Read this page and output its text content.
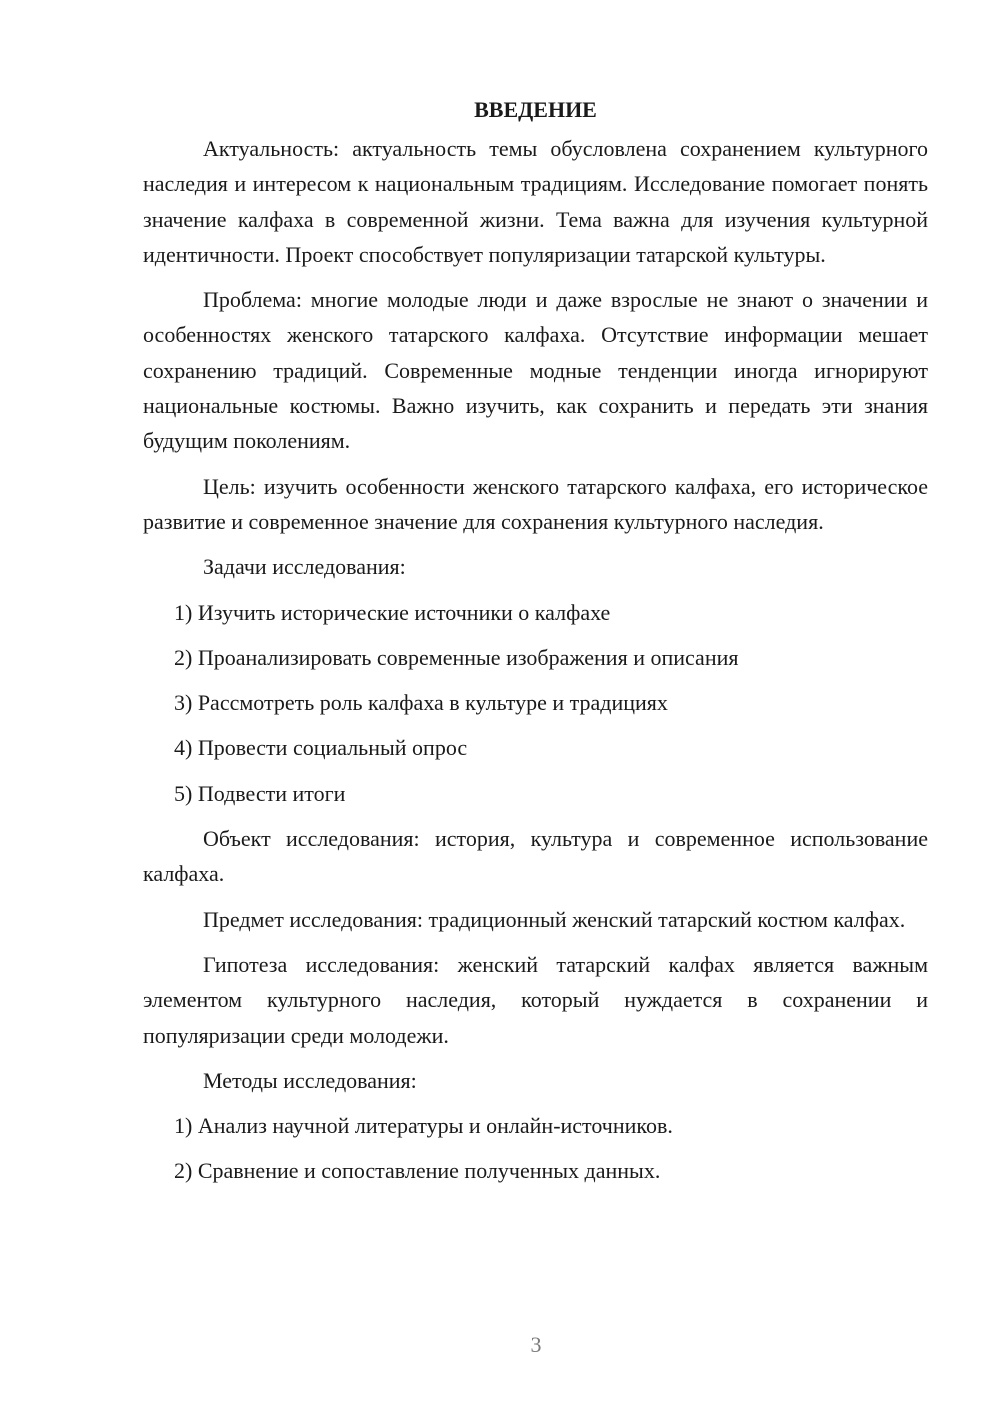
ВВЕДЕНИЕ

Актуальность: актуальность темы обусловлена сохранением культурного наследия и интересом к национальным традициям. Исследование помогает понять значение калфаха в современной жизни. Тема важна для изучения культурной идентичности. Проект способствует популяризации татарской культуры.

Проблема: многие молодые люди и даже взрослые не знают о значении и особенностях женского татарского калфаха. Отсутствие информации мешает сохранению традиций. Современные модные тенденции иногда игнорируют национальные костюмы. Важно изучить, как сохранить и передать эти знания будущим поколениям.

Цель: изучить особенности женского татарского калфаха, его историческое развитие и современное значение для сохранения культурного наследия.

Задачи исследования:

1) Изучить исторические источники о калфахе
2) Проанализировать современные изображения и описания
3) Рассмотреть роль калфаха в культуре и традициях
4) Провести социальный опрос
5) Подвести итоги

Объект исследования: история, культура и современное использование калфаха.

Предмет исследования: традиционный женский татарский костюм калфах.

Гипотеза исследования: женский татарский калфах является важным элементом культурного наследия, который нуждается в сохранении и популяризации среди молодежи.

Методы исследования:

1) Анализ научной литературы и онлайн-источников.
2) Сравнение и сопоставление полученных данных.
3
